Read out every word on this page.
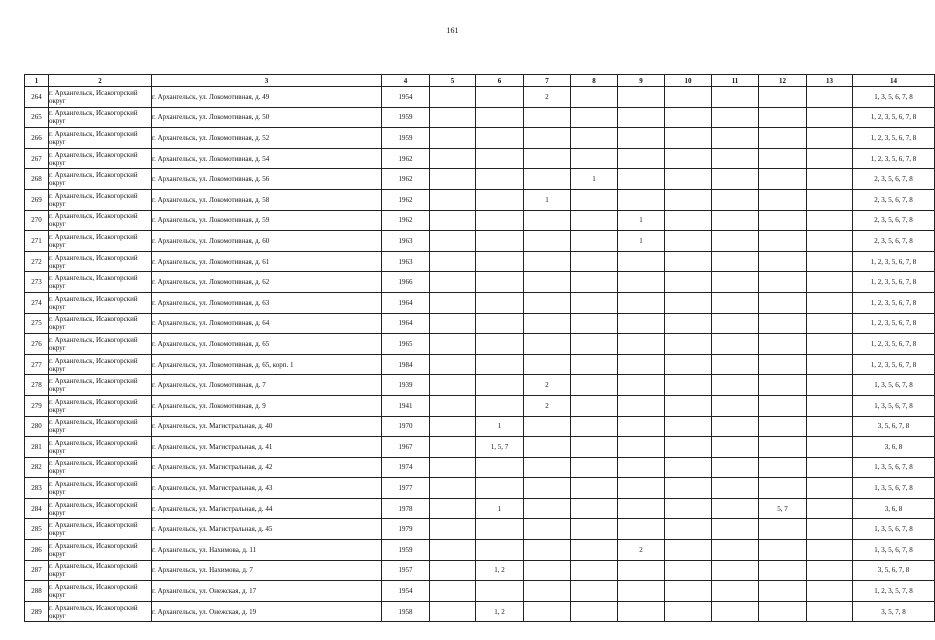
161
1	2	3	4	5	6	7	8	9	10	11	12	13	14
264	г. Архангельск, Исакогорский округ	г. Архангельск, ул. Локомотивная, д. 49	1954			2							1, 3, 5, 6, 7, 8
265	г. Архангельск, Исакогорский округ	г. Архангельск, ул. Локомотивная, д. 50	1959										1, 2, 3, 5, 6, 7, 8
266	г. Архангельск, Исакогорский округ	г. Архангельск, ул. Локомотивная, д. 52	1959										1, 2, 3, 5, 6, 7, 8
267	г. Архангельск, Исакогорский округ	г. Архангельск, ул. Локомотивная, д. 54	1962										1, 2, 3, 5, 6, 7, 8
268	г. Архангельск, Исакогорский округ	г. Архангельск, ул. Локомотивная, д. 56	1962				1						2, 3, 5, 6, 7, 8
269	г. Архангельск, Исакогорский округ	г. Архангельск, ул. Локомотивная, д. 58	1962			1							2, 3, 5, 6, 7, 8
270	г. Архангельск, Исакогорский округ	г. Архангельск, ул. Локомотивная, д. 59	1962					1					2, 3, 5, 6, 7, 8
271	г. Архангельск, Исакогорский округ	г. Архангельск, ул. Локомотивная, д. 60	1963					1					2, 3, 5, 6, 7, 8
272	г. Архангельск, Исакогорский округ	г. Архангельск, ул. Локомотивная, д. 61	1963										1, 2, 3, 5, 6, 7, 8
273	г. Архангельск, Исакогорский округ	г. Архангельск, ул. Локомотивная, д. 62	1966										1, 2, 3, 5, 6, 7, 8
274	г. Архангельск, Исакогорский округ	г. Архангельск, ул. Локомотивная, д. 63	1964										1, 2, 3, 5, 6, 7, 8
275	г. Архангельск, Исакогорский округ	г. Архангельск, ул. Локомотивная, д. 64	1964										1, 2, 3, 5, 6, 7, 8
276	г. Архангельск, Исакогорский округ	г. Архангельск, ул. Локомотивная, д. 65	1965										1, 2, 3, 5, 6, 7, 8
277	г. Архангельск, Исакогорский округ	г. Архангельск, ул. Локомотивная, д. 65, корп. 1	1984										1, 2, 3, 5, 6, 7, 8
278	г. Архангельск, Исакогорский округ	г. Архангельск, ул. Локомотивная, д. 7	1939			2							1, 3, 5, 6, 7, 8
279	г. Архангельск, Исакогорский округ	г. Архангельск, ул. Локомотивная, д. 9	1941			2							1, 3, 5, 6, 7, 8
280	г. Архангельск, Исакогорский округ	г. Архангельск, ул. Магистральная, д. 40	1970		1								3, 5, 6, 7, 8
281	г. Архангельск, Исакогорский округ	г. Архангельск, ул. Магистральная, д. 41	1967		1, 5, 7								3, 6, 8
282	г. Архангельск, Исакогорский округ	г. Архангельск, ул. Магистральная, д. 42	1974										1, 3, 5, 6, 7, 8
283	г. Архангельск, Исакогорский округ	г. Архангельск, ул. Магистральная, д. 43	1977										1, 3, 5, 6, 7, 8
284	г. Архангельск, Исакогорский округ	г. Архангельск, ул. Магистральная, д. 44	1978		1						5, 7		3, 6, 8
285	г. Архангельск, Исакогорский округ	г. Архангельск, ул. Магистральная, д. 45	1979										1, 3, 5, 6, 7, 8
286	г. Архангельск, Исакогорский округ	г. Архангельск, ул. Нахимова, д. 11	1959					2					1, 3, 5, 6, 7, 8
287	г. Архангельск, Исакогорский округ	г. Архангельск, ул. Нахимова, д. 7	1957		1, 2								3, 5, 6, 7, 8
288	г. Архангельск, Исакогорский округ	г. Архангельск, ул. Онежская, д. 17	1954										1, 2, 3, 5, 7, 8
289	г. Архангельск, Исакогорский округ	г. Архангельск, ул. Онежская, д. 19	1958		1, 2								3, 5, 7, 8
